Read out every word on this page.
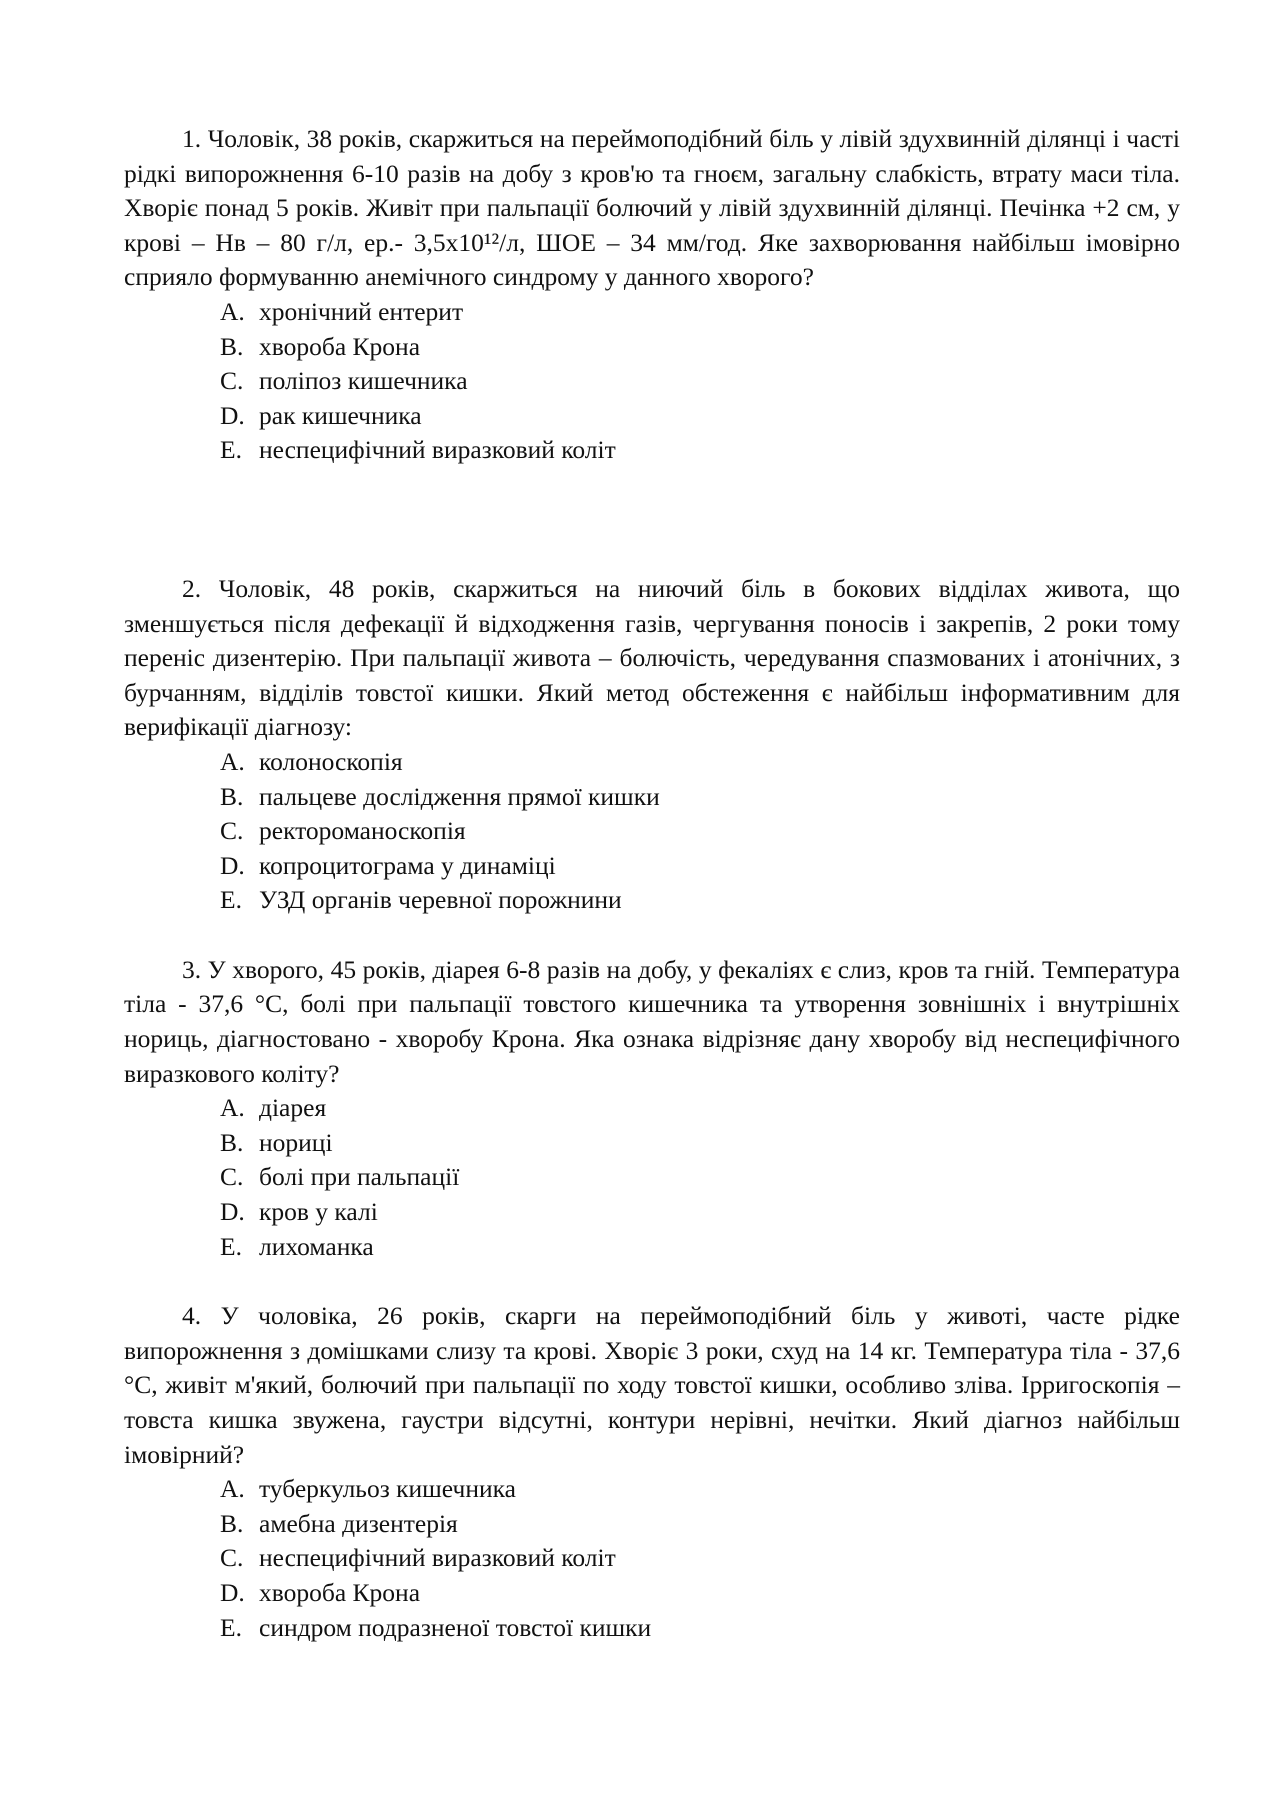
1. Чоловік, 38 років, скаржиться на переймоподібний біль у лівій здухвинній ділянці і часті рідкі випорожнення 6-10 разів на добу з кров'ю та гноєм, загальну слабкість, втрату маси тіла. Хворіє понад 5 років. Живіт при пальпації болючий у лівій здухвинній ділянці. Печінка +2 см, у крові – Нв – 80 г/л, ер.- 3,5x10¹²/л, ШОЕ – 34 мм/год. Яке захворювання найбільш імовірно сприяло формуванню анемічного синдрому у данного хворого?

A. хронічний ентерит
B. хвороба Крона
C. поліпоз кишечника
D. рак кишечника
E. неспецифічний виразковий коліт

2. Чоловік, 48 років, скаржиться на ниючий біль в бокових відділах живота, що зменшується після дефекації й відходження газів, чергування поносів і закрепів, 2 роки тому переніс дизентерію. При пальпації живота – болючість, чередування спазмованих і атонічних, з бурчанням, відділів товстої кишки. Який метод обстеження є найбільш інформативним для верифікації діагнозу:

A. колоноскопія
B. пальцеве дослідження прямої кишки
C. ректороманоскопія
D. копроцитограма у динаміці
E. УЗД органів черевної порожнини

3. У хворого, 45 років, діарея 6-8 разів на добу, у фекаліях є слиз, кров та гній. Температура тіла - 37,6 °C, болі при пальпації товстого кишечника та утворення зовнішніх і внутрішніх нориць, діагностовано - хворобу Крона. Яка ознака відрізняє дану хворобу від неспецифічного виразкового коліту?

A. діарея
B. нориці
C. болі при пальпації
D. кров у калі
E. лихоманка

4. У чоловіка, 26 років, скарги на переймоподібний біль у животі, часте рідке випорожнення з домішками слизу та крові. Хворіє 3 роки, схуд на 14 кг. Температура тіла - 37,6 °C, живіт м'який, болючий при пальпації по ходу товстої кишки, особливо зліва. Ірригоскопія – товста кишка звужена, гаустри відсутні, контури нерівні, нечітки. Який діагноз найбільш імовірний?

A. туберкульоз кишечника
B. амебна дизентерія
C. неспецифічний виразковий коліт
D. хвороба Крона
E. синдром подразненої товстої кишки
